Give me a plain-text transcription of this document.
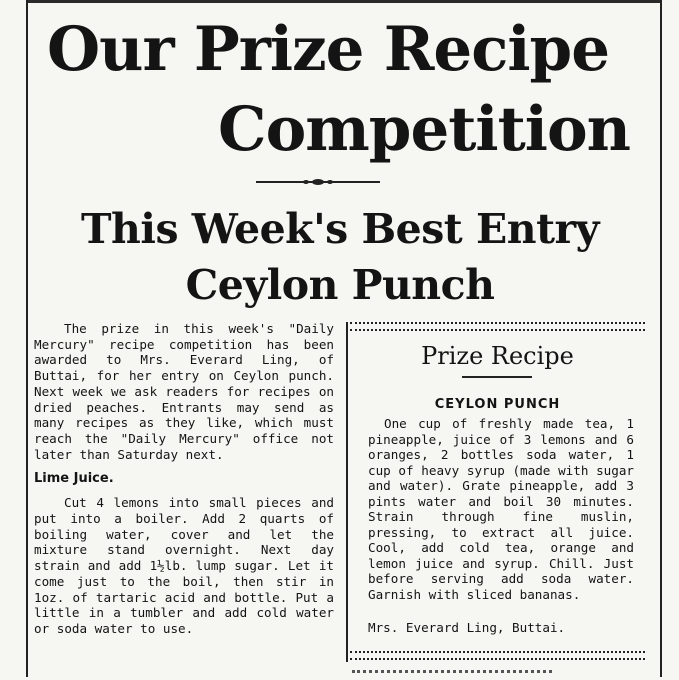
Our Prize Recipe
Competition
This Week's Best Entry
Ceylon Punch

The prize in this week's "Daily Mercury" recipe competition has been awarded to Mrs. Everard Ling, of Buttai, for her entry on Ceylon punch. Next week we ask readers for recipes on dried peaches. Entrants may send as many recipes as they like, which must reach the "Daily Mercury" office not later than Saturday next.

Lime Juice.

Cut 4 lemons into small pieces and put into a boiler. Add 2 quarts of boiling water, cover and let the mixture stand overnight. Next day strain and add 1½lb. lump sugar. Let it come just to the boil, then stir in 1oz. of tartaric acid and bottle. Put a little in a tumbler and add cold water or soda water to use.

Prize Recipe
CEYLON PUNCH

One cup of freshly made tea, 1 pineapple, juice of 3 lemons and 6 oranges, 2 bottles soda water, 1 cup of heavy syrup (made with sugar and water). Grate pineapple, add 3 pints water and boil 30 minutes. Strain through fine muslin, pressing, to extract all juice. Cool, add cold tea, orange and lemon juice and syrup. Chill. Just before serving add soda water. Garnish with sliced bananas.

Mrs. Everard Ling, Buttai.
